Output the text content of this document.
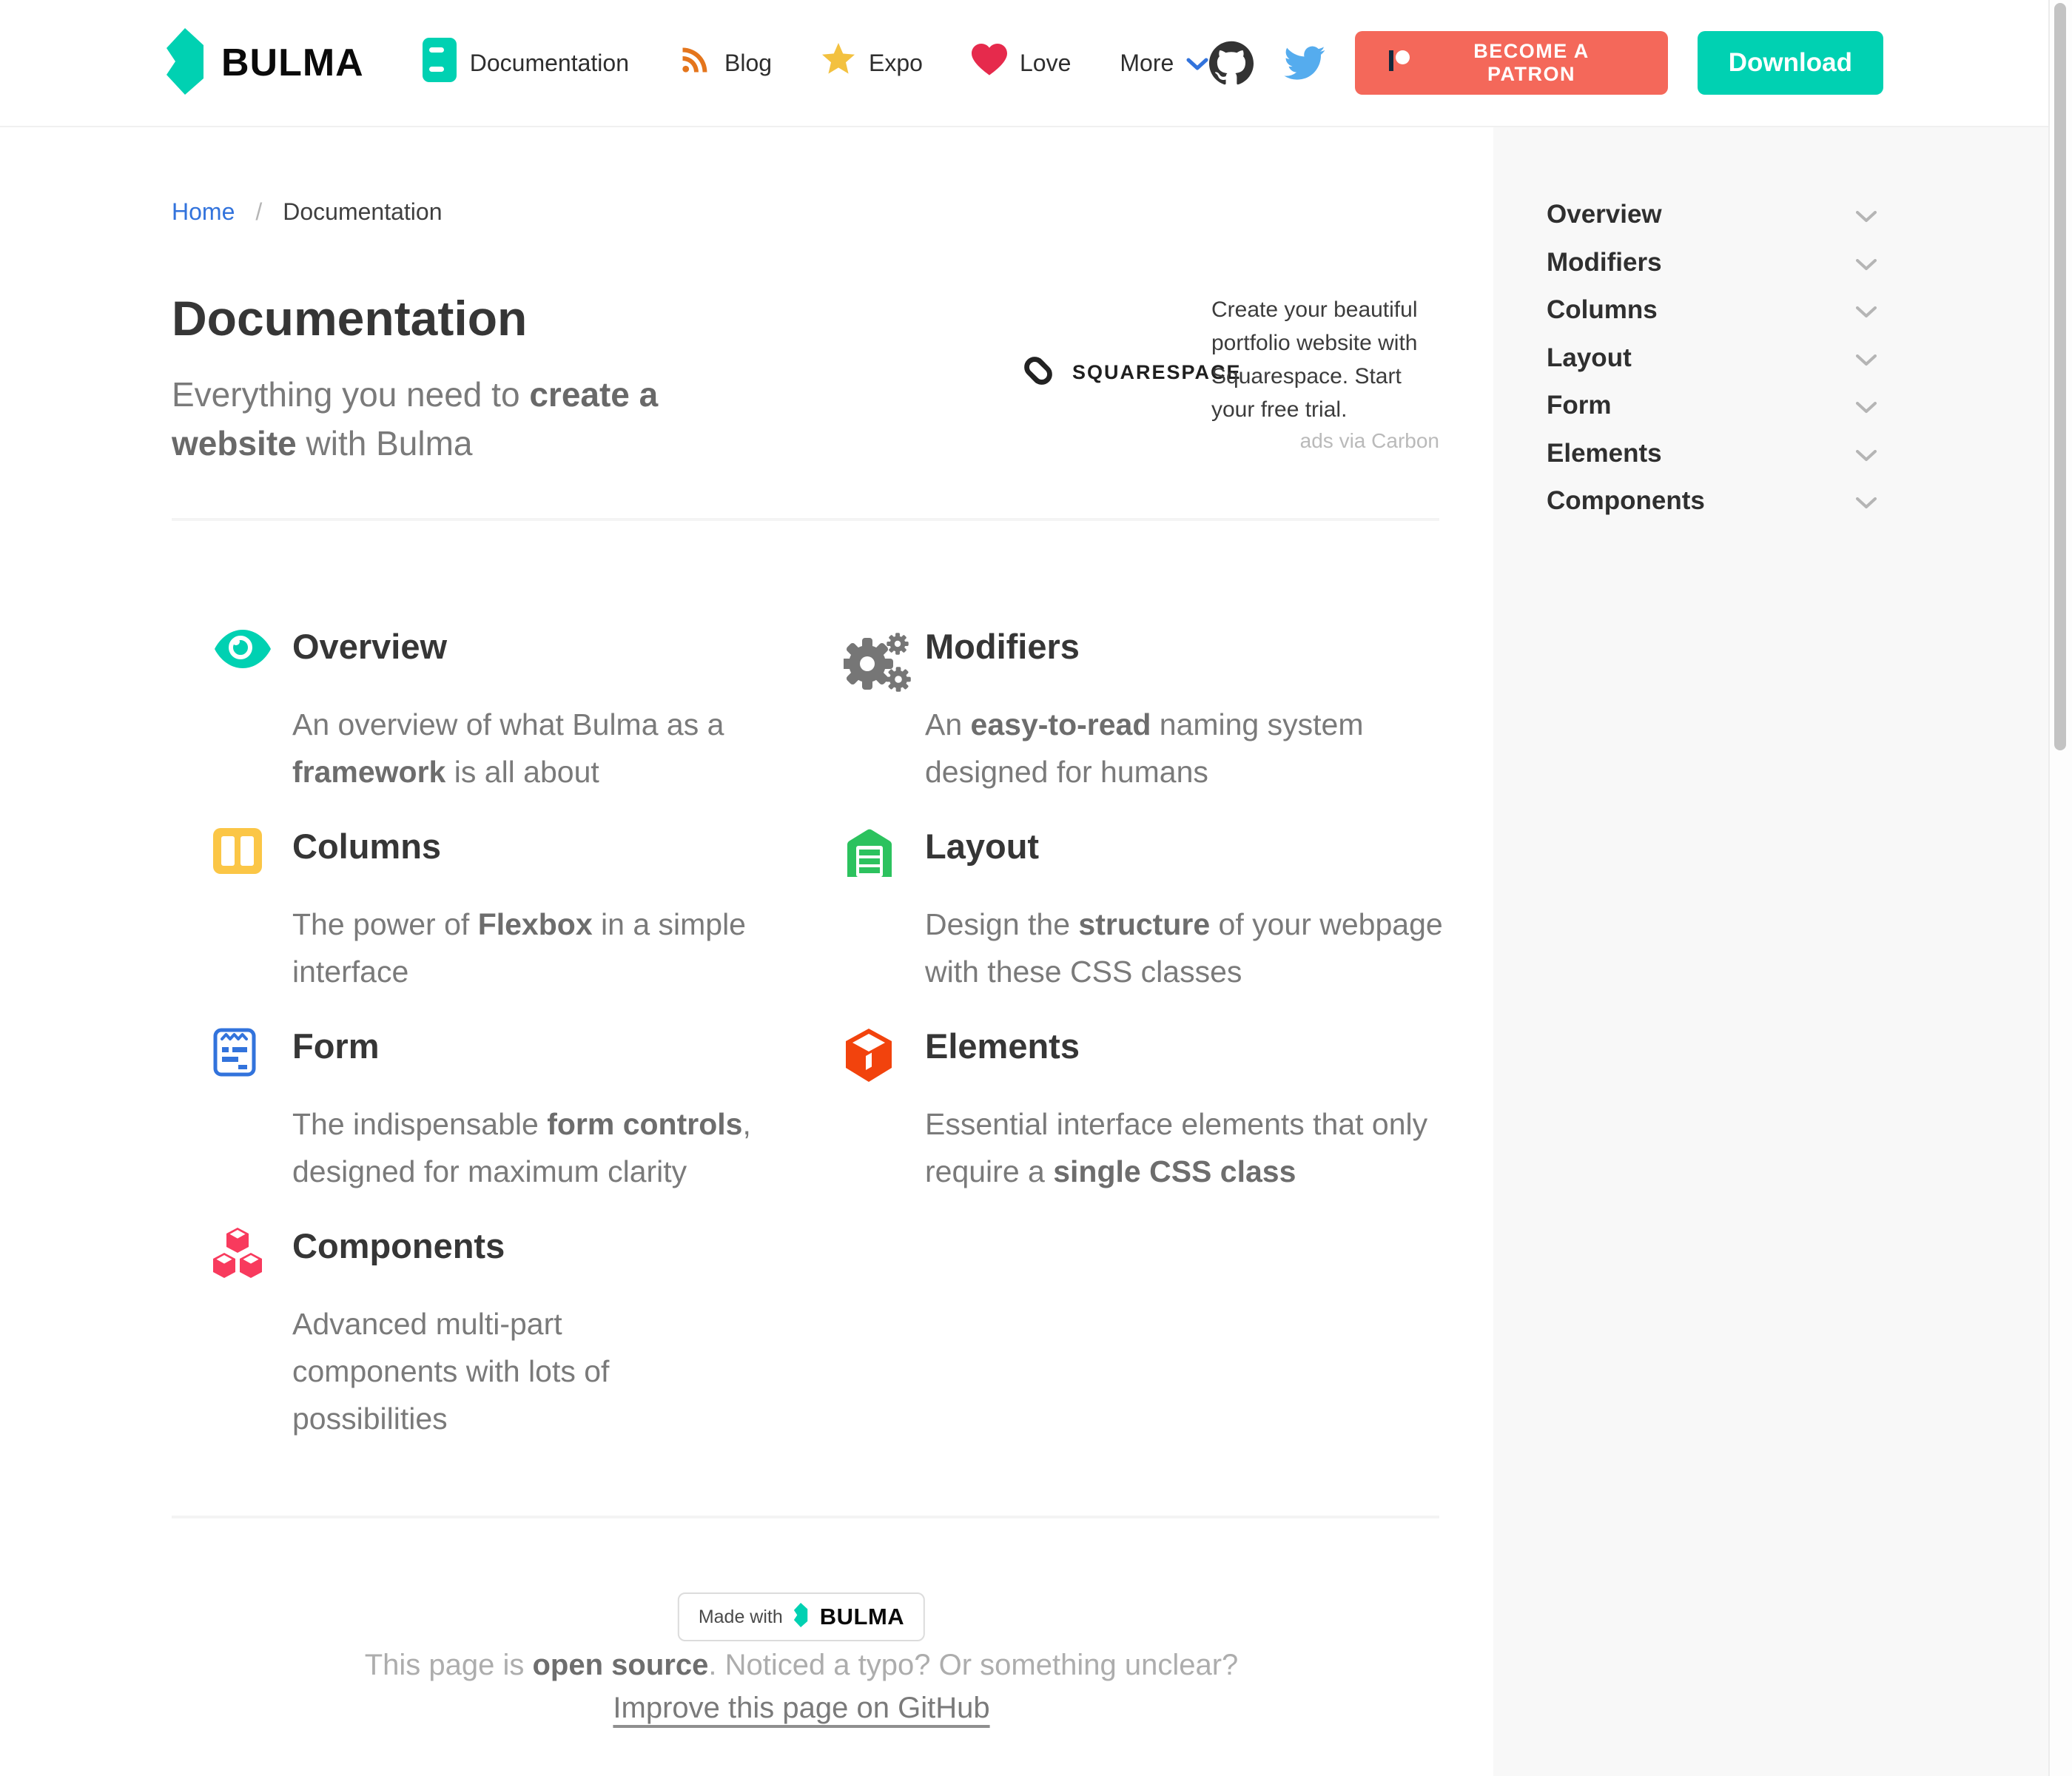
BULMA	Documentation	Blog	Expo	Love More	BECOME A PATRON	Download
Overview
Modifiers
Columns
Layout
Form
Elements
Components
Home / Documentation
Documentation

Everything you need to create a website with Bulma

SQUARESPACE

Create your beautiful portfolio website with Squarespace. Start your free trial.

ads via Carbon
Overview

An overview of what Bulma as a framework is all about

Modifiers

An easy-to-read naming system designed for humans

Columns

The power of Flexbox in a simple interface

Layout

Design the structure of your webpage with these CSS classes

Form

The indispensable form controls, designed for maximum clarity

Elements

Essential interface elements that only require a single CSS class

Components

Advanced multi-part components with lots of possibilities

Made with BULMA

This page is open source. Noticed a typo? Or something unclear?

Improve this page on GitHub
